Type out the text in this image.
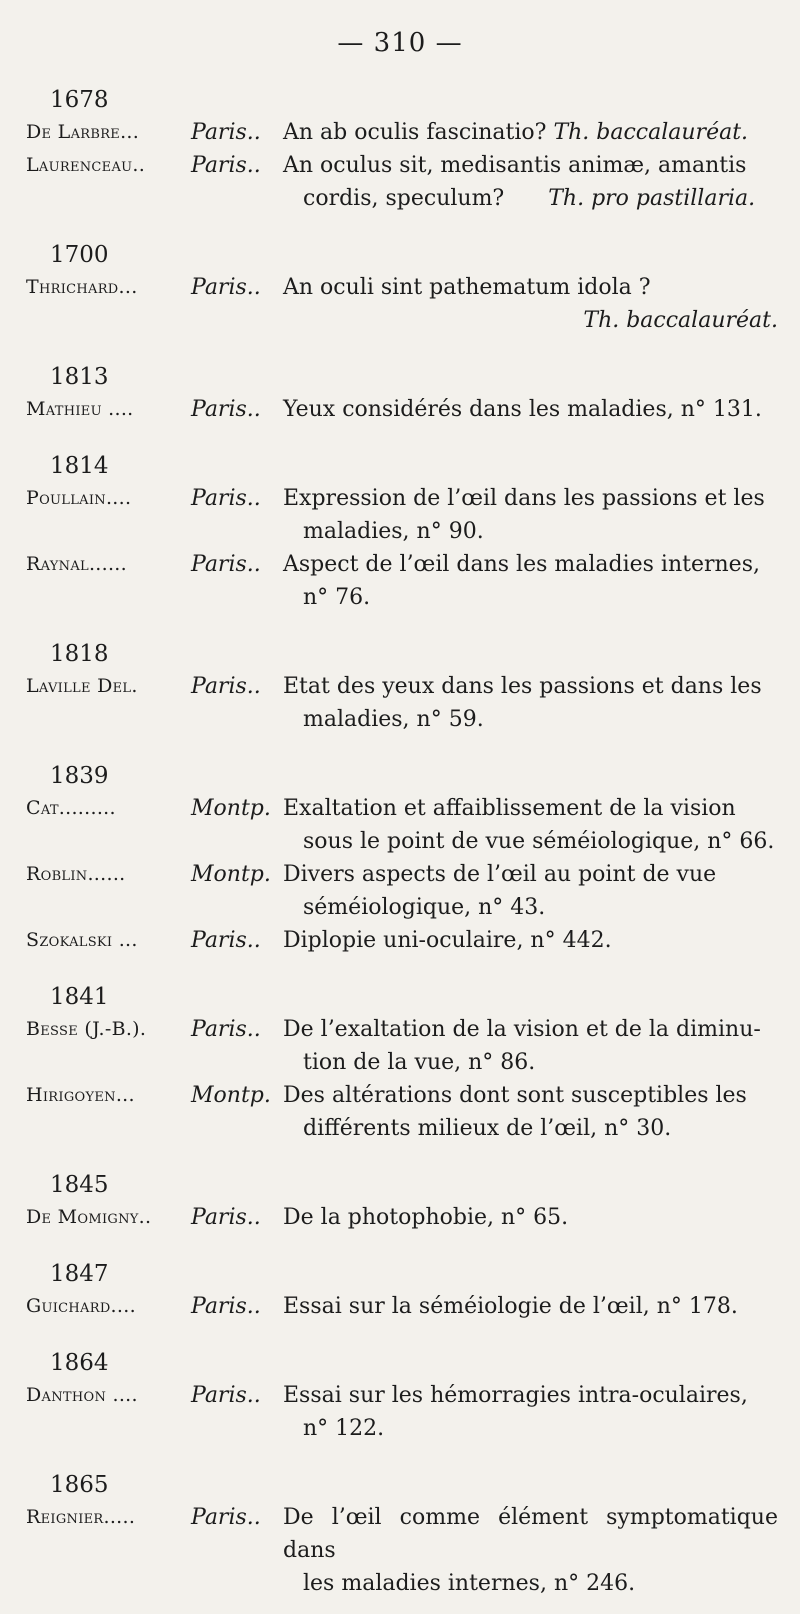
— 310 —
1678
De Larbre...	Paris..	An ab oculis fascinatio? Th. baccalauréat.
Laurenceau..	Paris..	An oculus sit, medisantis animæ, amantis
cordis, speculum?   Th. pro pastillaria.
1700
Thrichard...	Paris..	An oculi sint pathematum idola ?
Th. baccalauréat.
1813
Mathieu ....	Paris..	Yeux considérés dans les maladies, n° 131.
1814
Poullain....	Paris..	Expression de l’œil dans les passions et les
maladies, n° 90.
Raynal......	Paris..	Aspect de l’œil dans les maladies internes,
n° 76.
1818
Laville Del.	Paris..	Etat des yeux dans les passions et dans les
maladies, n° 59.
1839
Cat.........	Montp. Exaltation et affaiblissement de la vision
sous le point de vue séméiologique, n° 66.
Roblin......	Montp. Divers aspects de l’œil au point de vue
séméiologique, n° 43.
Szokalski ...	Paris..	Diplopie uni-oculaire, n° 442.
1841
Besse (J.-B.).	Paris..	De l’exaltation de la vision et de la diminu-
tion de la vue, n° 86.
Hirigoyen...	Montp. Des altérations dont sont susceptibles les
différents milieux de l’œil, n° 30.
1845
De Momigny..	Paris..	De la photophobie, n° 65.
1847
Guichard....	Paris..	Essai sur la séméiologie de l’œil, n° 178.
1864
Danthon ....	Paris..	Essai sur les hémorragies intra-oculaires,
n° 122.
1865
Reignier.....	Paris..	De l’œil comme élément symptomatique dans
les maladies internes, n° 246.
